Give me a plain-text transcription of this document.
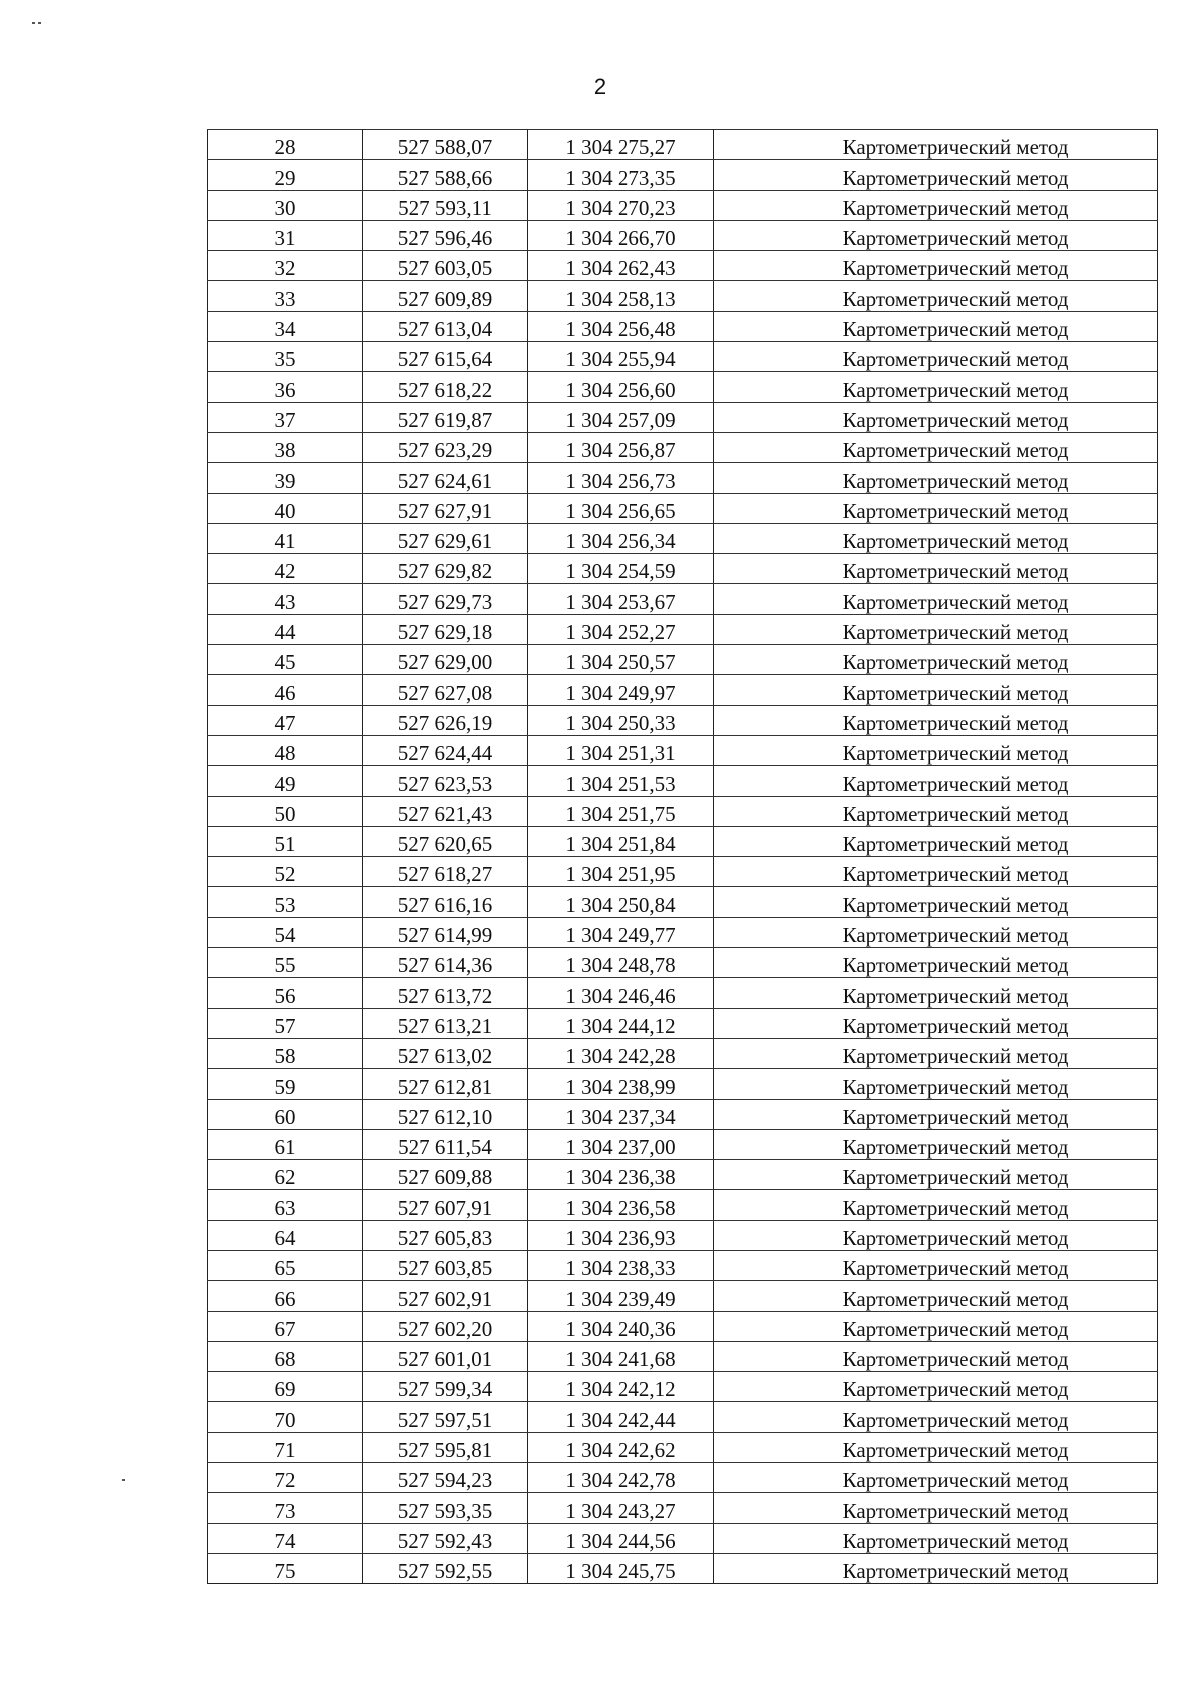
2
28	527 588,07	1 304 275,27	Картометрический метод
29	527 588,66	1 304 273,35	Картометрический метод
30	527 593,11	1 304 270,23	Картометрический метод
31	527 596,46	1 304 266,70	Картометрический метод
32	527 603,05	1 304 262,43	Картометрический метод
33	527 609,89	1 304 258,13	Картометрический метод
34	527 613,04	1 304 256,48	Картометрический метод
35	527 615,64	1 304 255,94	Картометрический метод
36	527 618,22	1 304 256,60	Картометрический метод
37	527 619,87	1 304 257,09	Картометрический метод
38	527 623,29	1 304 256,87	Картометрический метод
39	527 624,61	1 304 256,73	Картометрический метод
40	527 627,91	1 304 256,65	Картометрический метод
41	527 629,61	1 304 256,34	Картометрический метод
42	527 629,82	1 304 254,59	Картометрический метод
43	527 629,73	1 304 253,67	Картометрический метод
44	527 629,18	1 304 252,27	Картометрический метод
45	527 629,00	1 304 250,57	Картометрический метод
46	527 627,08	1 304 249,97	Картометрический метод
47	527 626,19	1 304 250,33	Картометрический метод
48	527 624,44	1 304 251,31	Картометрический метод
49	527 623,53	1 304 251,53	Картометрический метод
50	527 621,43	1 304 251,75	Картометрический метод
51	527 620,65	1 304 251,84	Картометрический метод
52	527 618,27	1 304 251,95	Картометрический метод
53	527 616,16	1 304 250,84	Картометрический метод
54	527 614,99	1 304 249,77	Картометрический метод
55	527 614,36	1 304 248,78	Картометрический метод
56	527 613,72	1 304 246,46	Картометрический метод
57	527 613,21	1 304 244,12	Картометрический метод
58	527 613,02	1 304 242,28	Картометрический метод
59	527 612,81	1 304 238,99	Картометрический метод
60	527 612,10	1 304 237,34	Картометрический метод
61	527 611,54	1 304 237,00	Картометрический метод
62	527 609,88	1 304 236,38	Картометрический метод
63	527 607,91	1 304 236,58	Картометрический метод
64	527 605,83	1 304 236,93	Картометрический метод
65	527 603,85	1 304 238,33	Картометрический метод
66	527 602,91	1 304 239,49	Картометрический метод
67	527 602,20	1 304 240,36	Картометрический метод
68	527 601,01	1 304 241,68	Картометрический метод
69	527 599,34	1 304 242,12	Картометрический метод
70	527 597,51	1 304 242,44	Картометрический метод
71	527 595,81	1 304 242,62	Картометрический метод
72	527 594,23	1 304 242,78	Картометрический метод
73	527 593,35	1 304 243,27	Картометрический метод
74	527 592,43	1 304 244,56	Картометрический метод
75	527 592,55	1 304 245,75	Картометрический метод
